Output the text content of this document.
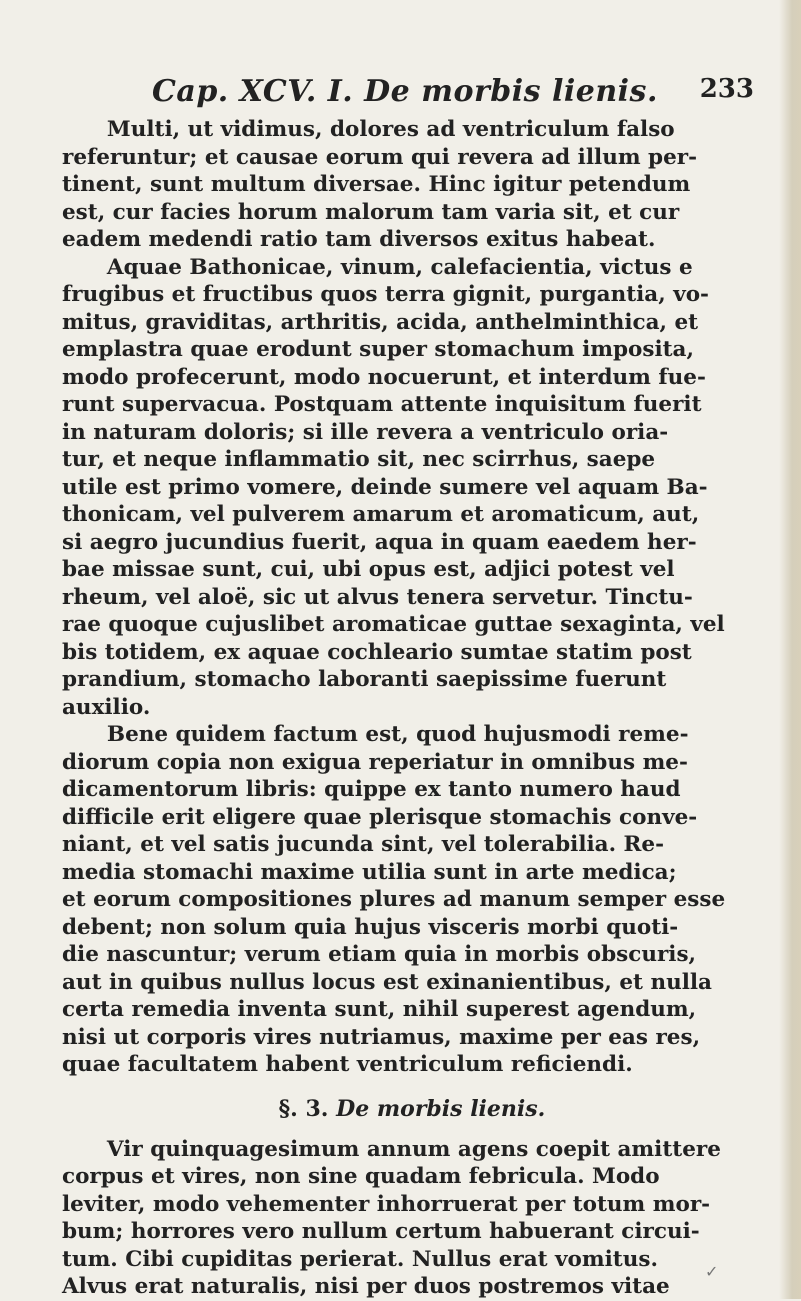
Cap. XCV. I. De morbis lienis. 233

Multi, ut vidimus, dolores ad ventriculum falso
referuntur; et causae eorum qui revera ad illum per-
tinent, sunt multum diversae. Hinc igitur petendum
est, cur facies horum malorum tam varia sit, et cur
eadem medendi ratio tam diversos exitus habeat.

Aquae Bathonicae, vinum, calefacientia, victus e
frugibus et fructibus quos terra gignit, purgantia, vo-
mitus, graviditas, arthritis, acida, anthelminthica, et
emplastra quae erodunt super stomachum imposita,
modo profecerunt, modo nocuerunt, et interdum fue-
runt supervacua. Postquam attente inquisitum fuerit
in naturam doloris; si ille revera a ventriculo oria-
tur, et neque inflammatio sit, nec scirrhus, saepe
utile est primo vomere, deinde sumere vel aquam Ba-
thonicam, vel pulverem amarum et aromaticum, aut,
si aegro jucundius fuerit, aqua in quam eaedem her-
bae missae sunt, cui, ubi opus est, adjici potest vel
rheum, vel aloë, sic ut alvus tenera servetur. Tinctu-
rae quoque cujuslibet aromaticae guttae sexaginta, vel
bis totidem, ex aquae cochleario sumtae statim post
prandium, stomacho laboranti saepissime fuerunt
auxilio.

Bene quidem factum est, quod hujusmodi reme-
diorum copia non exigua reperiatur in omnibus me-
dicamentorum libris: quippe ex tanto numero haud
difficile erit eligere quae plerisque stomachis conve-
niant, et vel satis jucunda sint, vel tolerabilia. Re-
media stomachi maxime utilia sunt in arte medica;
et eorum compositiones plures ad manum semper esse
debent; non solum quia hujus visceris morbi quoti-
die nascuntur; verum etiam quia in morbis obscuris,
aut in quibus nullus locus est exinanientibus, et nulla
certa remedia inventa sunt, nihil superest agendum,
nisi ut corporis vires nutriamus, maxime per eas res,
quae facultatem habent ventriculum reficiendi.

§. 3. De morbis lienis.

Vir quinquagesimum annum agens coepit amittere
corpus et vires, non sine quadam febricula. Modo
leviter, modo vehementer inhorruerat per totum mor-
bum; horrores vero nullum certum habuerant circui-
tum. Cibi cupiditas perierat. Nullus erat vomitus.
Alvus erat naturalis, nisi per duos postremos vitae

✓
